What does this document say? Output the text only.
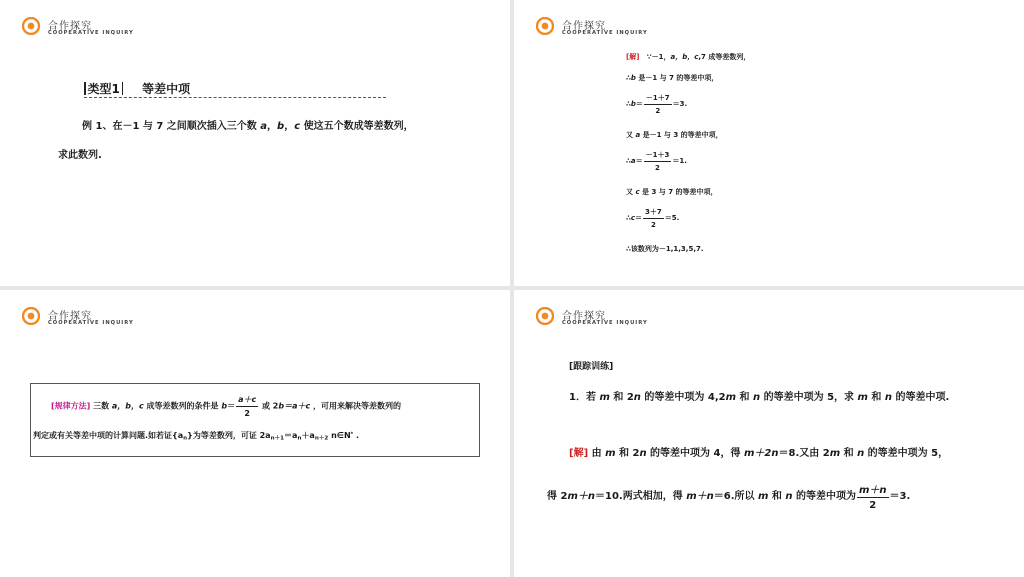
合作探究
COOPERATIVE INQUIRY
类型1 等差中项
例 1、在－1 与 7 之间顺次插入三个数 a，b，c 使这五个数成等差数列，
求此数列.
合作探究
COOPERATIVE INQUIRY
[解] ∵－1，a，b，c,7 成等差数列，
∴b 是－1 与 7 的等差中项，
∴b＝ $\frac{-1+7}{2} =3$.
又 a 是－1 与 3 的等差中项，
∴a＝ $\frac{-1+3}{2} =1$.
又 c 是 3 与 7 的等差中项，
∴c＝ $\frac{3+7}{2} =5$.
∴该数列为－1,1,3,5,7.
合作探究
COOPERATIVE INQUIRY
[规律方法] 三数 a，b，c 成等差数列的条件是 $b= \frac{a+c}{2}$ 或 2b＝a＋c ，可用来解决等差数列的
判定或有关等差中项的计算问题.如若证$\{a_n\}$为等差数列，可证 $2a_{n+1}=a_n+a_{n+2}$ n∈N* .
合作探究
COOPERATIVE INQUIRY
[跟踪训练]
1．若 m 和 2n 的等差中项为 4,2m 和 n 的等差中项为 5，求 m 和 n 的等差中项.
[解] 由 m 和 2n 的等差中项为 4，得 m＋2n＝8.又由 2m 和 n 的等差中项为 5，
得 2m＋n＝10.两式相加，得 m＋n＝6.所以 m 和 n 的等差中项为 $\frac{m+n}{2} =3$.
